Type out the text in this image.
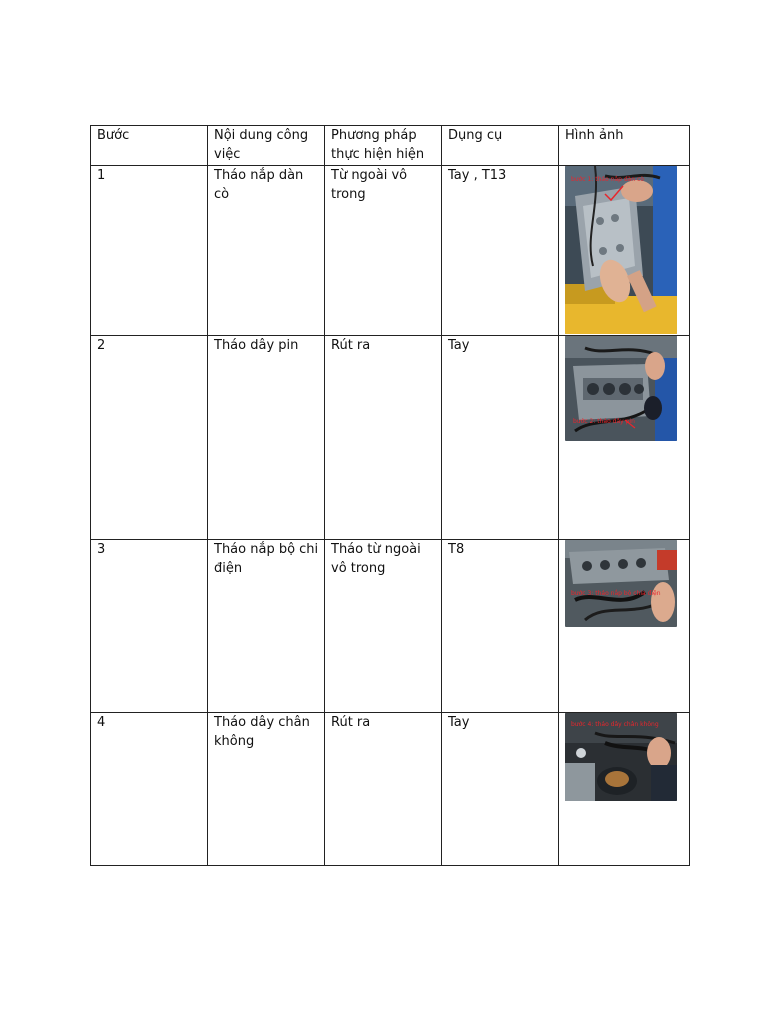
Bước	Nội dung công việc	Phương pháp thực hiện hiện	Dụng cụ	Hình ảnh
1	Tháo nắp dàn cò	Từ ngoài vô trong	Tay , T13	bước 1: tháo nắp dàn cò

2	Tháo dây pin	Rút ra	Tay	bước 2: tháo dây pin

3	Tháo nắp bộ chi điện	Tháo từ ngoài vô trong	T8	bước 3: tháo nắp bộ chia điện

4	Tháo dây chân không	Rút ra	Tay	bước 4: tháo dây chân không
